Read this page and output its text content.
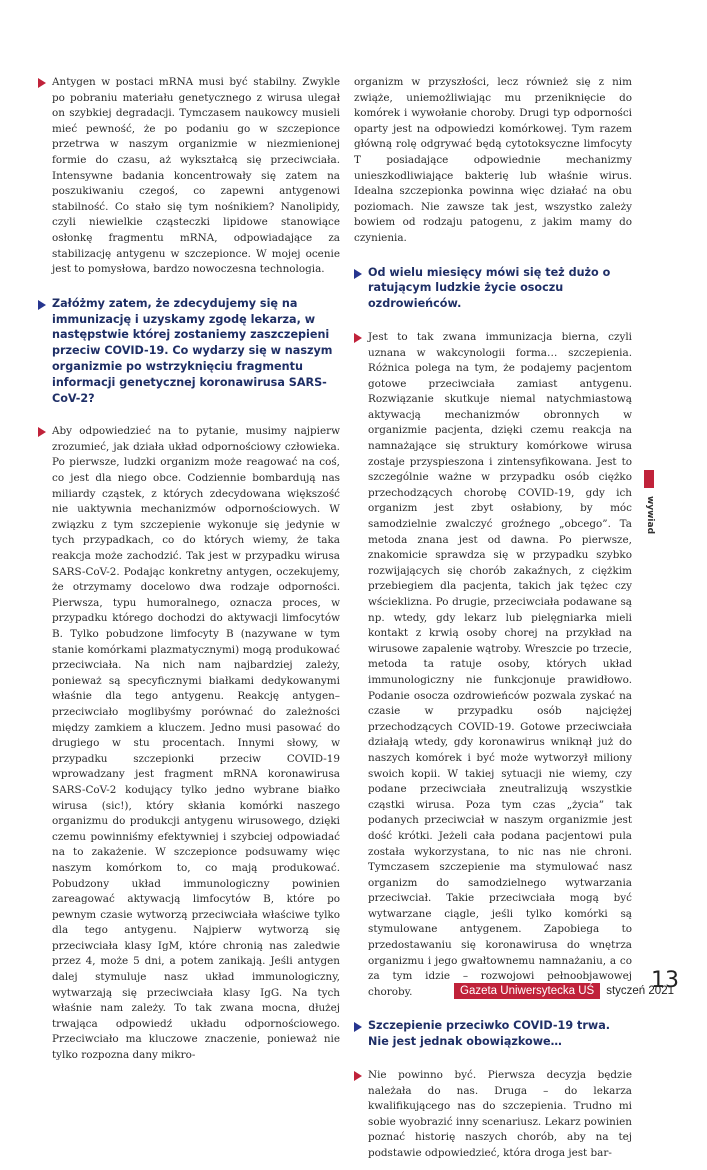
Antygen w postaci mRNA musi być stabilny. Zwykle po pobraniu materiału genetycznego z wirusa ulegał on szybkiej degradacji. Tymczasem naukowcy musieli mieć pewność, że po podaniu go w szczepionce przetrwa w naszym organizmie w niezmienionej formie do czasu, aż wykształcą się przeciwciała. Intensywne badania koncentrowały się zatem na poszukiwaniu czegoś, co zapewni antygenowi stabilność. Co stało się tym nośnikiem? Nanolipidy, czyli niewielkie cząsteczki lipidowe stanowiące osłonkę fragmentu mRNA, odpowiadające za stabilizację antygenu w szczepionce. W mojej ocenie jest to pomysłowa, bardzo nowoczesna technologia.

Załóżmy zatem, że zdecydujemy się na immunizację i uzyskamy zgodę lekarza, w następstwie której zostaniemy zaszczepieni przeciw COVID-19. Co wydarzy się w naszym organizmie po wstrzyknięciu fragmentu informacji genetycznej koronawirusa SARS-CoV-2?

Aby odpowiedzieć na to pytanie, musimy najpierw zrozumieć, jak działa układ odpornościowy człowieka. Po pierwsze, ludzki organizm może reagować na coś, co jest dla niego obce. Codziennie bombardują nas miliardy cząstek, z których zdecydowana większość nie uaktywnia mechanizmów odpornościowych. W związku z tym szczepienie wykonuje się jedynie w tych przypadkach, co do których wiemy, że taka reakcja może zachodzić. Tak jest w przypadku wirusa SARS-CoV-2. Podając konkretny antygen, oczekujemy, że otrzymamy docelowo dwa rodzaje odporności. Pierwsza, typu humoralnego, oznacza proces, w przypadku którego dochodzi do aktywacji limfocytów B. Tylko pobudzone limfocyty B (nazywane w tym stanie komórkami plazmatycznymi) mogą produkować przeciwciała. Na nich nam najbardziej zależy, ponieważ są specyficznymi białkami dedykowanymi właśnie dla tego antygenu. Reakcję antygen–przeciwciało moglibyśmy porównać do zależności między zamkiem a kluczem. Jedno musi pasować do drugiego w stu procentach. Innymi słowy, w przypadku szczepionki przeciw COVID-19 wprowadzany jest fragment mRNA koronawirusa SARS-CoV-2 kodujący tylko jedno wybrane białko wirusa (sic!), który skłania komórki naszego organizmu do produkcji antygenu wirusowego, dzięki czemu powinniśmy efektywniej i szybciej odpowiadać na to zakażenie. W szczepionce podsuwamy więc naszym komórkom to, co mają produkować. Pobudzony układ immunologiczny powinien zareagować aktywacją limfocytów B, które po pewnym czasie wytworzą przeciwciała właściwe tylko dla tego antygenu. Najpierw wytworzą się przeciwciała klasy IgM, które chronią nas zaledwie przez 4, może 5 dni, a potem zanikają. Jeśli antygen dalej stymuluje nasz układ immunologiczny, wytwarzają się przeciwciała klasy IgG. Na tych właśnie nam zależy. To tak zwana mocna, dłużej trwająca odpowiedź układu odpornościowego. Przeciwciało ma kluczowe znaczenie, ponieważ nie tylko rozpozna dany mikro-

organizm w przyszłości, lecz również się z nim zwiąże, uniemożliwiając mu przeniknięcie do komórek i wywołanie choroby. Drugi typ odporności oparty jest na odpowiedzi komórkowej. Tym razem główną rolę odgrywać będą cytotoksyczne limfocyty T posiadające odpowiednie mechanizmy unieszkodliwiające bakterię lub właśnie wirus. Idealna szczepionka powinna więc działać na obu poziomach. Nie zawsze tak jest, wszystko zależy bowiem od rodzaju patogenu, z jakim mamy do czynienia.

Od wielu miesięcy mówi się też dużo o ratującym ludzkie życie osoczu ozdrowieńców.

Jest to tak zwana immunizacja bierna, czyli uznana w wakcynologii forma… szczepienia. Różnica polega na tym, że podajemy pacjentom gotowe przeciwciała zamiast antygenu. Rozwiązanie skutkuje niemal natychmiastową aktywacją mechanizmów obronnych w organizmie pacjenta, dzięki czemu reakcja na namnażające się struktury komórkowe wirusa zostaje przyspieszona i zintensyfikowana. Jest to szczególnie ważne w przypadku osób ciężko przechodzących chorobę COVID-19, gdy ich organizm jest zbyt osłabiony, by móc samodzielnie zwalczyć groźnego „obcego”. Ta metoda znana jest od dawna. Po pierwsze, znakomicie sprawdza się w przypadku szybko rozwijających się chorób zakaźnych, z ciężkim przebiegiem dla pacjenta, takich jak tężec czy wścieklizna. Po drugie, przeciwciała podawane są np. wtedy, gdy lekarz lub pielęgniarka mieli kontakt z krwią osoby chorej na przykład na wirusowe zapalenie wątroby. Wreszcie po trzecie, metoda ta ratuje osoby, których układ immunologiczny nie funkcjonuje prawidłowo. Podanie osocza ozdrowieńców pozwala zyskać na czasie w przypadku osób najciężej przechodzących COVID-19. Gotowe przeciwciała działają wtedy, gdy koronawirus wniknął już do naszych komórek i być może wytworzył miliony swoich kopii. W takiej sytuacji nie wiemy, czy podane przeciwciała zneutralizują wszystkie cząstki wirusa. Poza tym czas „życia” tak podanych przeciwciał w naszym organizmie jest dość krótki. Jeżeli cała podana pacjentowi pula została wykorzystana, to nic nas nie chroni. Tymczasem szczepienie ma stymulować nasz organizm do samodzielnego wytwarzania przeciwciał. Takie przeciwciała mogą być wytwarzane ciągle, jeśli tylko komórki są stymulowane antygenem. Zapobiega to przedostawaniu się koronawirusa do wnętrza organizmu i jego gwałtownemu namnażaniu, a co za tym idzie – rozwojowi pełnoobjawowej choroby.

Szczepienie przeciwko COVID-19 trwa. Nie jest jednak obowiązkowe…

Nie powinno być. Pierwsza decyzja będzie należała do nas. Druga – do lekarza kwalifikującego nas do szczepienia. Trudno mi sobie wyobrazić inny scenariusz. Lekarz powinien poznać historię naszych chorób, aby na tej podstawie odpowiedzieć, która droga jest bar-

wywiad
Gazeta Uniwersytecka UŚ	styczeń 2021
13
